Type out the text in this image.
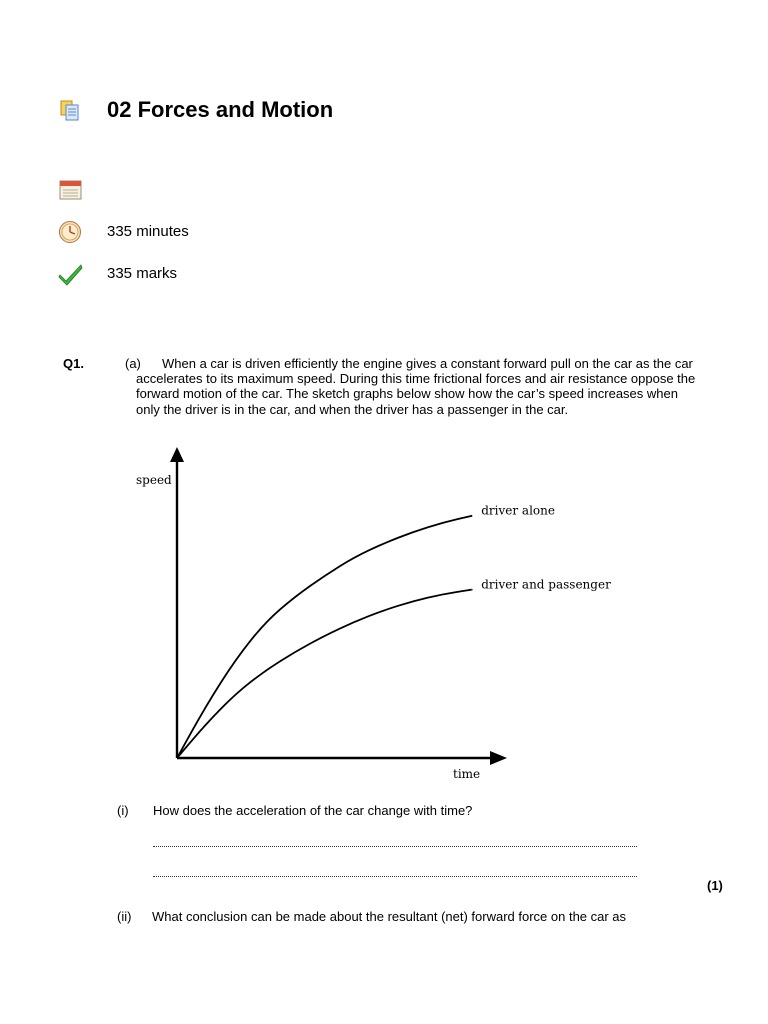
02 Forces and Motion
335 minutes
335 marks
Q1.	(a)	When a car is driven efficiently the engine gives a constant forward pull on the car as the car accelerates to its maximum speed. During this time frictional forces and air resistance oppose the forward motion of the car. The sketch graphs below show how the car’s speed increases when only the driver is in the car, and when the driver has a passenger in the car.
speed
time
driver alone
driver and passenger
(i) How does the acceleration of the car change with time?
(1)
(ii) What conclusion can be made about the resultant (net) forward force on the car as
